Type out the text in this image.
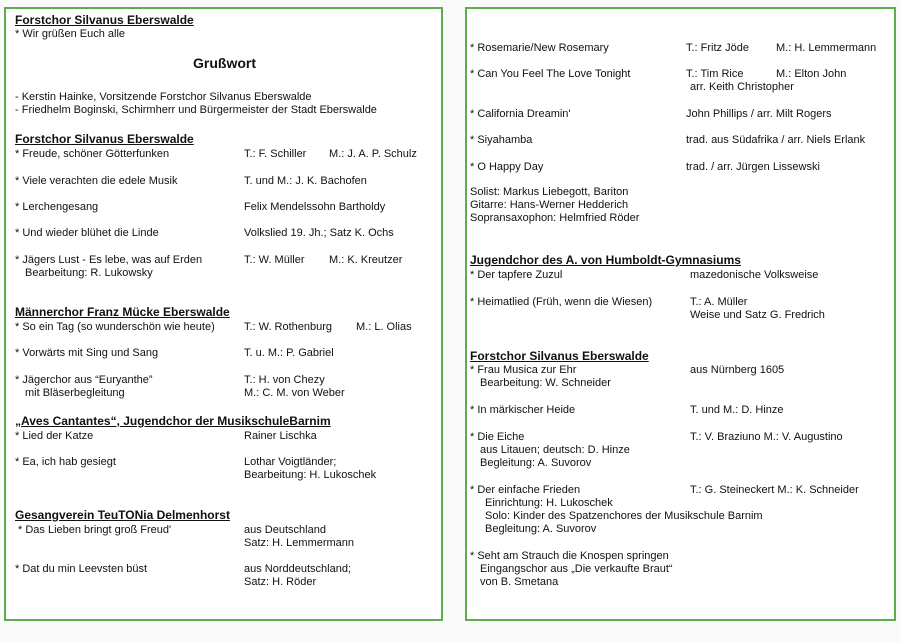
Forstchor Silvanus Eberswalde
* Wir grüßen Euch alle
Grußwort
- Kerstin Hainke, Vorsitzende Forstchor Silvanus Eberswalde
- Friedhelm Boginski, Schirmherr und Bürgermeister der Stadt Eberswalde
Forstchor Silvanus Eberswalde
* Freude, schöner Götterfunken	T.: F. Schiller M.: J. A. P. Schulz
* Viele verachten die edele Musik	T. und M.: J. K. Bachofen
* Lerchengesang	Felix Mendelssohn Bartholdy
* Und wieder blühet die Linde	Volkslied 19. Jh.; Satz K. Ochs
* Jägers Lust - Es lebe, was auf Erden	T.: W. Müller M.: K. Kreutzer
Bearbeitung: R. Lukowsky
Männerchor Franz Mücke Eberswalde
* So ein Tag (so wunderschön wie heute)	T.: W. Rothenburg M.: L. Olias
* Vorwärts mit Sing und Sang	T. u. M.: P. Gabriel
* Jägerchor aus “Euryanthe”	T.: H. von Chezy
mit Bläserbegleitung	M.: C. M. von Weber
„Aves Cantantes“, Jugendchor der MusikschuleBarnim
* Lied der Katze	Rainer Lischka
* Ea, ich hab gesiegt	Lothar Voigtländer;
Bearbeitung: H. Lukoschek
Gesangverein TeuTONia Delmenhorst
* Das Lieben bringt groß Freud'	aus Deutschland
Satz: H. Lemmermann
* Dat du min Leevsten büst	aus Norddeutschland;
Satz: H. Röder
* Rosemarie/New Rosemary	T.: Fritz Jöde M.: H. Lemmermann
* Can You Feel The Love Tonight	T.: Tim Rice	M.: Elton John
arr. Keith Christopher
* California Dreamin'	John Phillips / arr. Milt Rogers
* Siyahamba	trad. aus Südafrika / arr. Niels Erlank
* O Happy Day	trad. / arr. Jürgen Lissewski
Solist: Markus Liebegott, Bariton
Gitarre: Hans-Werner Hedderich
Sopransaxophon: Helmfried Röder
Jugendchor des A. von Humboldt-Gymnasiums
* Der tapfere Zuzul	mazedonische Volksweise
* Heimatlied (Früh, wenn die Wiesen)	T.: A. Müller
Weise und Satz G. Fredrich
Forstchor Silvanus Eberswalde
* Frau Musica zur Ehr	aus Nürnberg 1605
Bearbeitung: W. Schneider
* In märkischer Heide	T. und M.: D. Hinze
* Die Eiche	T.: V. Braziuno M.: V. Augustino
aus Litauen; deutsch: D. Hinze
Begleitung: A. Suvorov
* Der einfache Frieden	T.: G. Steineckert M.: K. Schneider
Einrichtung: H. Lukoschek
Solo: Kinder des Spatzenchores der Musikschule Barnim
Begleitung: A. Suvorov
* Seht am Strauch die Knospen springen
Eingangschor aus „Die verkaufte Braut“
von B. Smetana
